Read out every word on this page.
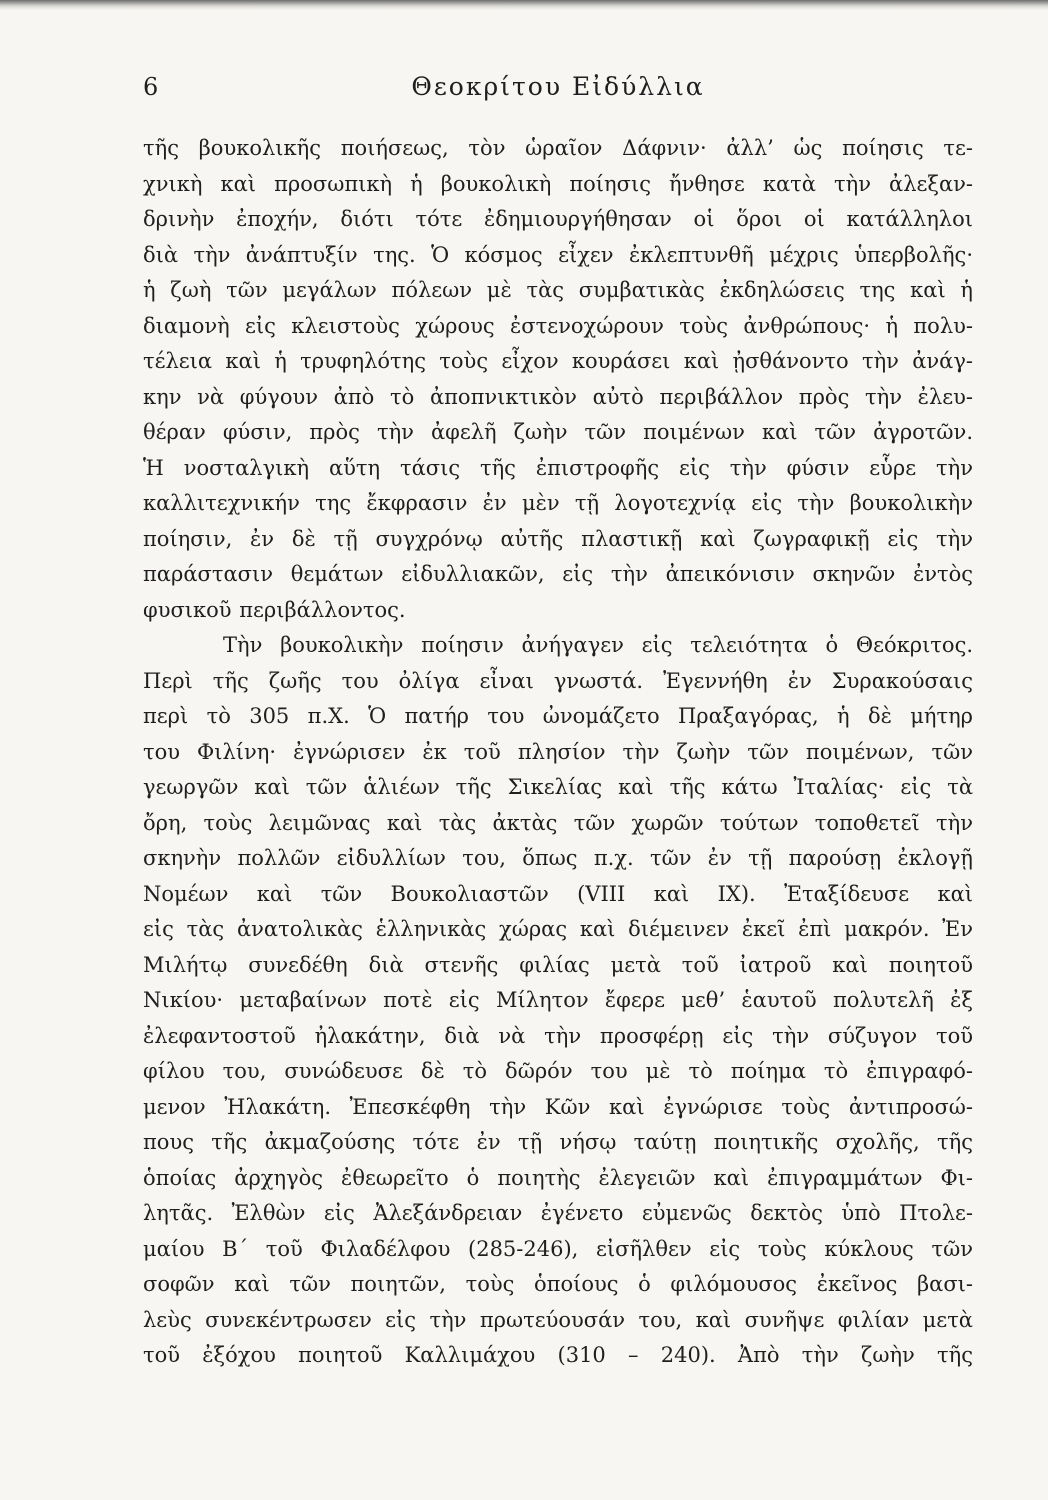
6	Θεοκρίτου Εἰδύλλια
τῆς βουκολικῆς ποιήσεως, τὸν ὡραῖον Δάφνιν· ἀλλ’ ὡς ποίησις τε-
χνικὴ καὶ προσωπικὴ ἡ βουκολικὴ ποίησις ἤνθησε κατὰ τὴν ἀλεξαν-
δρινὴν ἐποχήν, διότι τότε ἐδημιουργήθησαν οἱ ὅροι οἱ κατάλληλοι
διὰ τὴν ἀνάπτυξίν της. Ὁ κόσμος εἶχεν ἐκλεπτυνθῆ μέχρις ὑπερβολῆς·
ἡ ζωὴ τῶν μεγάλων πόλεων μὲ τὰς συμβατικὰς ἐκδηλώσεις της καὶ ἡ
διαμονὴ εἰς κλειστοὺς χώρους ἐστενοχώρουν τοὺς ἀνθρώπους· ἡ πολυ-
τέλεια καὶ ἡ τρυφηλότης τοὺς εἶχον κουράσει καὶ ᾐσθάνοντο τὴν ἀνάγ-
κην νὰ φύγουν ἀπὸ τὸ ἀποπνικτικὸν αὐτὸ περιβάλλον πρὸς τὴν ἐλευ-
θέραν φύσιν, πρὸς τὴν ἀφελῆ ζωὴν τῶν ποιμένων καὶ τῶν ἀγροτῶν.
Ἡ νοσταλγικὴ αὕτη τάσις τῆς ἐπιστροφῆς εἰς τὴν φύσιν εὗρε τὴν
καλλιτεχνικήν της ἔκφρασιν ἐν μὲν τῇ λογοτεχνίᾳ εἰς τὴν βουκολικὴν
ποίησιν, ἐν δὲ τῇ συγχρόνῳ αὐτῆς πλαστικῇ καὶ ζωγραφικῇ εἰς τὴν
παράστασιν θεμάτων εἰδυλλιακῶν, εἰς τὴν ἀπεικόνισιν σκηνῶν ἐντὸς
φυσικοῦ περιβάλλοντος.
Τὴν βουκολικὴν ποίησιν ἀνήγαγεν εἰς τελειότητα ὁ Θεόκριτος.
Περὶ τῆς ζωῆς του ὀλίγα εἶναι γνωστά. Ἐγεννήθη ἐν Συρακούσαις
περὶ τὸ 305 π.Χ. Ὁ πατήρ του ὠνομάζετο Πραξαγόρας, ἡ δὲ μήτηρ
του Φιλίνη· ἐγνώρισεν ἐκ τοῦ πλησίον τὴν ζωὴν τῶν ποιμένων, τῶν
γεωργῶν καὶ τῶν ἁλιέων τῆς Σικελίας καὶ τῆς κάτω Ἰταλίας· εἰς τὰ
ὄρη, τοὺς λειμῶνας καὶ τὰς ἀκτὰς τῶν χωρῶν τούτων τοποθετεῖ τὴν
σκηνὴν πολλῶν εἰδυλλίων του, ὅπως π.χ. τῶν ἐν τῇ παρούσῃ ἐκλογῇ
Νομέων καὶ τῶν Βουκολιαστῶν (VIII καὶ IX). Ἐταξίδευσε καὶ
εἰς τὰς ἀνατολικὰς ἑλληνικὰς χώρας καὶ διέμεινεν ἐκεῖ ἐπὶ μακρόν. Ἐν
Μιλήτῳ συνεδέθη διὰ στενῆς φιλίας μετὰ τοῦ ἰατροῦ καὶ ποιητοῦ
Νικίου· μεταβαίνων ποτὲ εἰς Μίλητον ἔφερε μεθ’ ἑαυτοῦ πολυτελῆ ἐξ
ἐλεφαντοστοῦ ἠλακάτην, διὰ νὰ τὴν προσφέρῃ εἰς τὴν σύζυγον τοῦ
φίλου του, συνώδευσε δὲ τὸ δῶρόν του μὲ τὸ ποίημα τὸ ἐπιγραφό-
μενον Ἠλακάτη. Ἐπεσκέφθη τὴν Κῶν καὶ ἐγνώρισε τοὺς ἀντιπροσώ-
πους τῆς ἀκμαζούσης τότε ἐν τῇ νήσῳ ταύτῃ ποιητικῆς σχολῆς, τῆς
ὁποίας ἀρχηγὸς ἐθεωρεῖτο ὁ ποιητὴς ἐλεγειῶν καὶ ἐπιγραμμάτων Φι-
λητᾶς. Ἐλθὼν εἰς Ἀλεξάνδρειαν ἐγένετο εὐμενῶς δεκτὸς ὑπὸ Πτολε-
μαίου Β΄ τοῦ Φιλαδέλφου (285-246), εἰσῆλθεν εἰς τοὺς κύκλους τῶν
σοφῶν καὶ τῶν ποιητῶν, τοὺς ὁποίους ὁ φιλόμουσος ἐκεῖνος βασι-
λεὺς συνεκέντρωσεν εἰς τὴν πρωτεύουσάν του, καὶ συνῆψε φιλίαν μετὰ
τοῦ ἐξόχου ποιητοῦ Καλλιμάχου (310 – 240). Ἀπὸ τὴν ζωὴν τῆς
